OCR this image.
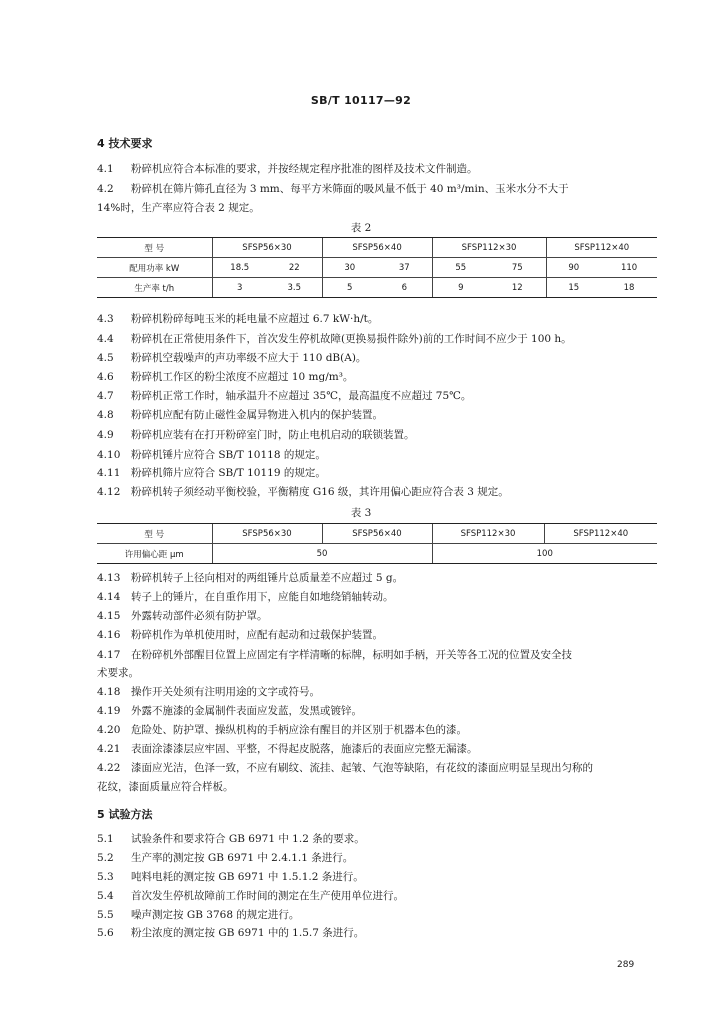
SB/T 10117—92
4 技术要求
4.1 粉碎机应符合本标准的要求，并按经规定程序批准的图样及技术文件制造。
4.2 粉碎机在筛片筛孔直径为 3 mm、每平方米筛面的吸风量不低于 40 m³/min、玉米水分不大于
14%时，生产率应符合表 2 规定。
表 2
型 号	SFSP56×30		SFSP56×40		SFSP112×30		SFSP112×40	
配用功率 kW	18.5	22	30	37	55	75	90	110
生产率 t/h	3	3.5	5	6	9	12	15	18
4.3 粉碎机粉碎每吨玉米的耗电量不应超过 6.7 kW·h/t。
4.4 粉碎机在正常使用条件下，首次发生停机故障(更换易损件除外)前的工作时间不应少于 100 h。
4.5 粉碎机空载噪声的声功率级不应大于 110 dB(A)。
4.6 粉碎机工作区的粉尘浓度不应超过 10 mg/m³。
4.7 粉碎机正常工作时，轴承温升不应超过 35℃，最高温度不应超过 75℃。
4.8 粉碎机应配有防止磁性金属异物进入机内的保护装置。
4.9 粉碎机应装有在打开粉碎室门时，防止电机启动的联锁装置。
4.10 粉碎机锤片应符合 SB/T 10118 的规定。
4.11 粉碎机筛片应符合 SB/T 10119 的规定。
4.12 粉碎机转子须经动平衡校验，平衡精度 G16 级，其许用偏心距应符合表 3 规定。
表 3
型 号	SFSP56×30	SFSP56×40	SFSP112×30	SFSP112×40
许用偏心距 μm	50		100	
4.13 粉碎机转子上径向相对的两组锤片总质量差不应超过 5 g。
4.14 转子上的锤片，在自重作用下，应能自如地绕销轴转动。
4.15 外露转动部件必须有防护罩。
4.16 粉碎机作为单机使用时，应配有起动和过载保护装置。
4.17 在粉碎机外部醒目位置上应固定有字样清晰的标牌，标明如手柄，开关等各工况的位置及安全技
术要求。
4.18 操作开关处须有注明用途的文字或符号。
4.19 外露不施漆的金属制件表面应发蓝，发黑或镀锌。
4.20 危险处、防护罩、操纵机构的手柄应涂有醒目的并区别于机器本色的漆。
4.21 表面涂漆漆层应牢固、平整，不得起皮脱落，施漆后的表面应完整无漏漆。
4.22 漆面应光洁，色泽一致，不应有刷纹、流挂、起皱、气泡等缺陷，有花纹的漆面应明显呈现出匀称的
花纹，漆面质量应符合样板。
5 试验方法
5.1 试验条件和要求符合 GB 6971 中 1.2 条的要求。
5.2 生产率的测定按 GB 6971 中 2.4.1.1 条进行。
5.3 吨料电耗的测定按 GB 6971 中 1.5.1.2 条进行。
5.4 首次发生停机故障前工作时间的测定在生产使用单位进行。
5.5 噪声测定按 GB 3768 的规定进行。
5.6 粉尘浓度的测定按 GB 6971 中的 1.5.7 条进行。
289
